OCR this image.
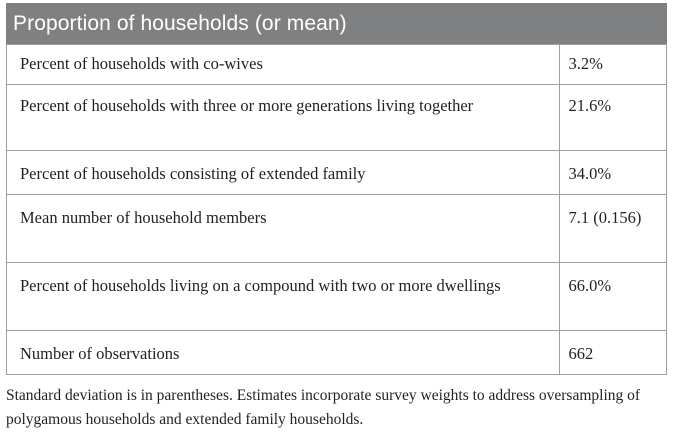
Proportion of households (or mean)
Percent of households with co-wives	3.2%
Percent of households with three or more generations living together	21.6%
Percent of households consisting of extended family	34.0%
Mean number of household members	7.1 (0.156)
Percent of households living on a compound with two or more dwellings	66.0%
Number of observations	662
Standard deviation is in parentheses. Estimates incorporate survey weights to address oversampling of polygamous households and extended family households.
